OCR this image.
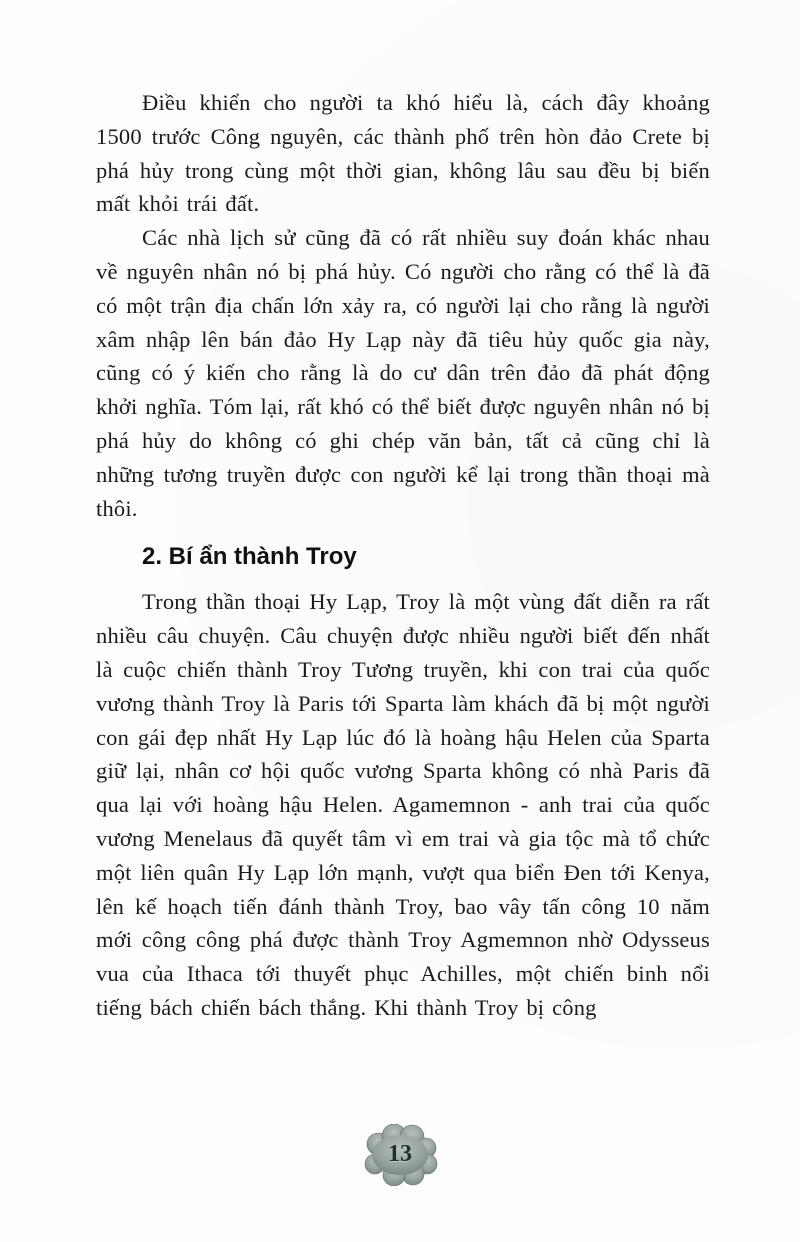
Điều khiển cho người ta khó hiểu là, cách đây khoảng 1500 trước Công nguyên, các thành phố trên hòn đảo Crete bị phá hủy trong cùng một thời gian, không lâu sau đều bị biến mất khỏi trái đất.

Các nhà lịch sử cũng đã có rất nhiều suy đoán khác nhau về nguyên nhân nó bị phá hủy. Có người cho rằng có thể là đã có một trận địa chấn lớn xảy ra, có người lại cho rằng là người xâm nhập lên bán đảo Hy Lạp này đã tiêu hủy quốc gia này, cũng có ý kiến cho rằng là do cư dân trên đảo đã phát động khởi nghĩa. Tóm lại, rất khó có thể biết được nguyên nhân nó bị phá hủy do không có ghi chép văn bản, tất cả cũng chỉ là những tương truyền được con người kể lại trong thần thoại mà thôi.

2. Bí ẩn thành Troy

Trong thần thoại Hy Lạp, Troy là một vùng đất diễn ra rất nhiều câu chuyện. Câu chuyện được nhiều người biết đến nhất là cuộc chiến thành Troy Tương truyền, khi con trai của quốc vương thành Troy là Paris tới Sparta làm khách đã bị một người con gái đẹp nhất Hy Lạp lúc đó là hoàng hậu Helen của Sparta giữ lại, nhân cơ hội quốc vương Sparta không có nhà Paris đã qua lại với hoàng hậu Helen. Agamemnon - anh trai của quốc vương Menelaus đã quyết tâm vì em trai và gia tộc mà tổ chức một liên quân Hy Lạp lớn mạnh, vượt qua biển Đen tới Kenya, lên kế hoạch tiến đánh thành Troy, bao vây tấn công 10 năm mới công công phá được thành Troy Agmemnon nhờ Odysseus vua của Ithaca tới thuyết phục Achilles, một chiến binh nổi tiếng bách chiến bách thắng. Khi thành Troy bị công

13
